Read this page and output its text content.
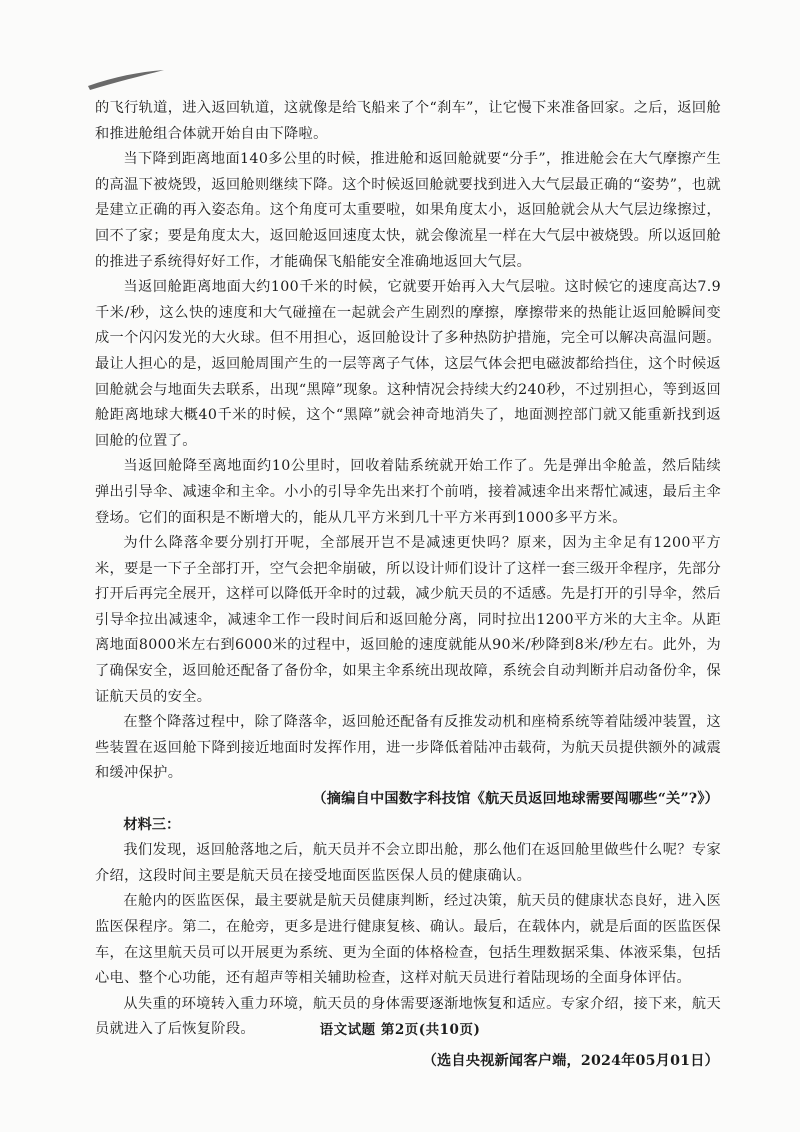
的飞行轨道，进入返回轨道，这就像是给飞船来了个“刹车”，让它慢下来准备回家。之后，返回舱和推进舱组合体就开始自由下降啦。

当下降到距离地面140多公里的时候，推进舱和返回舱就要“分手”，推进舱会在大气摩擦产生的高温下被烧毁，返回舱则继续下降。这个时候返回舱就要找到进入大气层最正确的“姿势”，也就是建立正确的再入姿态角。这个角度可太重要啦，如果角度太小，返回舱就会从大气层边缘擦过，回不了家；要是角度太大，返回舱返回速度太快，就会像流星一样在大气层中被烧毁。所以返回舱的推进子系统得好好工作，才能确保飞船能安全准确地返回大气层。

当返回舱距离地面大约100千米的时候，它就要开始再入大气层啦。这时候它的速度高达7.9千米/秒，这么快的速度和大气碰撞在一起就会产生剧烈的摩擦，摩擦带来的热能让返回舱瞬间变成一个闪闪发光的大火球。但不用担心，返回舱设计了多种热防护措施，完全可以解决高温问题。最让人担心的是，返回舱周围产生的一层等离子气体，这层气体会把电磁波都给挡住，这个时候返回舱就会与地面失去联系，出现“黑障”现象。这种情况会持续大约240秒，不过别担心，等到返回舱距离地球大概40千米的时候，这个“黑障”就会神奇地消失了，地面测控部门就又能重新找到返回舱的位置了。

当返回舱降至离地面约10公里时，回收着陆系统就开始工作了。先是弹出伞舱盖，然后陆续弹出引导伞、减速伞和主伞。小小的引导伞先出来打个前哨，接着减速伞出来帮忙减速，最后主伞登场。它们的面积是不断增大的，能从几平方米到几十平方米再到1000多平方米。

为什么降落伞要分别打开呢，全部展开岂不是减速更快吗？原来，因为主伞足有1200平方米，要是一下子全部打开，空气会把伞崩破，所以设计师们设计了这样一套三级开伞程序，先部分打开后再完全展开，这样可以降低开伞时的过载，减少航天员的不适感。先是打开的引导伞，然后引导伞拉出减速伞，减速伞工作一段时间后和返回舱分离，同时拉出1200平方米的大主伞。从距离地面8000米左右到6000米的过程中，返回舱的速度就能从90米/秒降到8米/秒左右。此外，为了确保安全，返回舱还配备了备份伞，如果主伞系统出现故障，系统会自动判断并启动备份伞，保证航天员的安全。

在整个降落过程中，除了降落伞，返回舱还配备有反推发动机和座椅系统等着陆缓冲装置，这些装置在返回舱下降到接近地面时发挥作用，进一步降低着陆冲击载荷，为航天员提供额外的减震和缓冲保护。

（摘编自中国数字科技馆《航天员返回地球需要闯哪些“关”?》）

材料三：

我们发现，返回舱落地之后，航天员并不会立即出舱，那么他们在返回舱里做些什么呢？专家介绍，这段时间主要是航天员在接受地面医监医保人员的健康确认。

在舱内的医监医保，最主要就是航天员健康判断，经过决策，航天员的健康状态良好，进入医监医保程序。第二，在舱旁，更多是进行健康复核、确认。最后，在载体内，就是后面的医监医保车，在这里航天员可以开展更为系统、更为全面的体格检查，包括生理数据采集、体液采集，包括心电、整个心功能，还有超声等相关辅助检查，这样对航天员进行着陆现场的全面身体评估。

从失重的环境转入重力环境，航天员的身体需要逐渐地恢复和适应。专家介绍，接下来，航天员就进入了后恢复阶段。

（选自央视新闻客户端，2024年05月01日）

语文试题 第2页(共10页)
